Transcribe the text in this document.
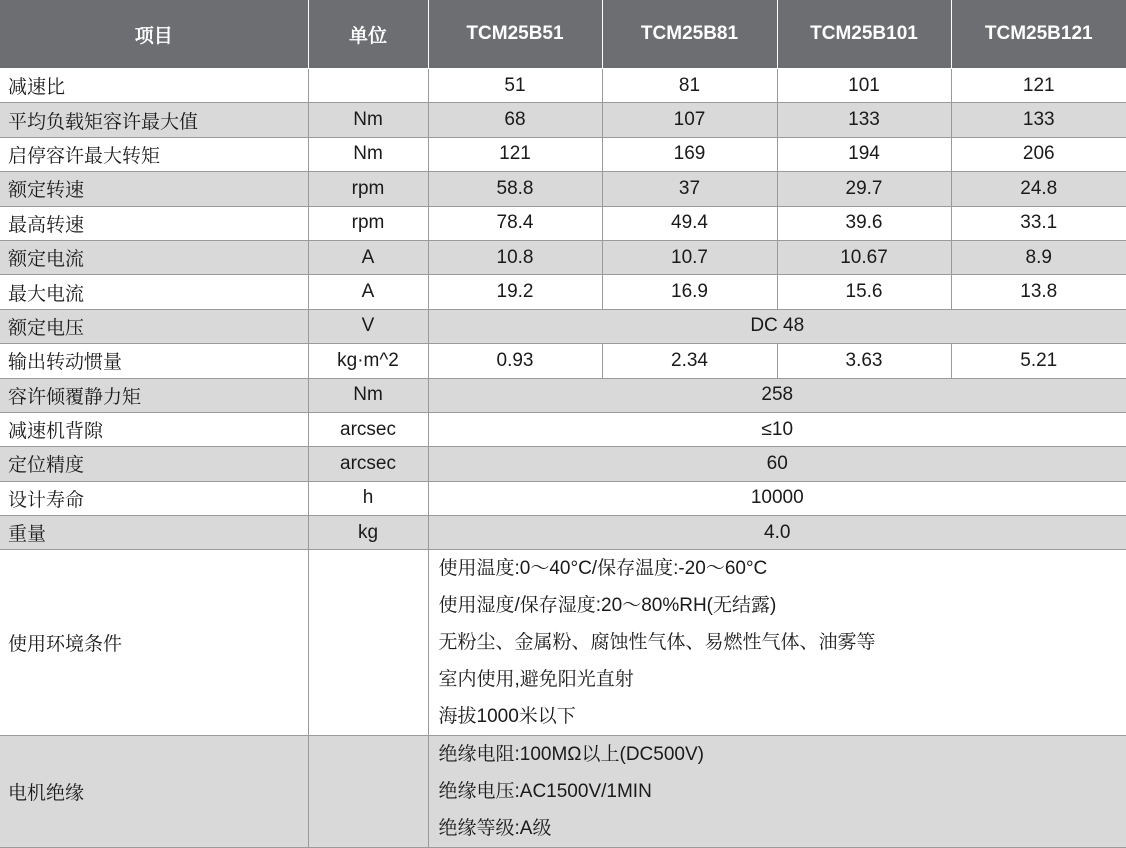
项目	单位	TCM25B51	TCM25B81	TCM25B101	TCM25B121
减速比		51	81	101	121
平均负载矩容许最大值	Nm	68	107	133	133
启停容许最大转矩	Nm	121	169	194	206
额定转速	rpm	58.8	37	29.7	24.8
最高转速	rpm	78.4	49.4	39.6	33.1
额定电流	A	10.8	10.7	10.67	8.9
最大电流	A	19.2	16.9	15.6	13.8
额定电压	V	DC 48			
输出转动惯量	kg·m^2	0.93	2.34	3.63	5.21
容许倾覆静力矩	Nm	258			
减速机背隙	arcsec	≤10			
定位精度	arcsec	60			
设计寿命	h	10000			
重量	kg	4.0			
使用环境条件		使用温度:0～40°C/保存温度:-20～60°C
使用湿度/保存湿度:20～80%RH(无结露)
无粉尘、金属粉、腐蚀性气体、易燃性气体、油雾等
室内使用,避免阳光直射
海拔1000米以下			

电机绝缘		绝缘电阻:100MΩ以上(DC500V)
绝缘电压:AC1500V/1MIN
绝缘等级:A级			
